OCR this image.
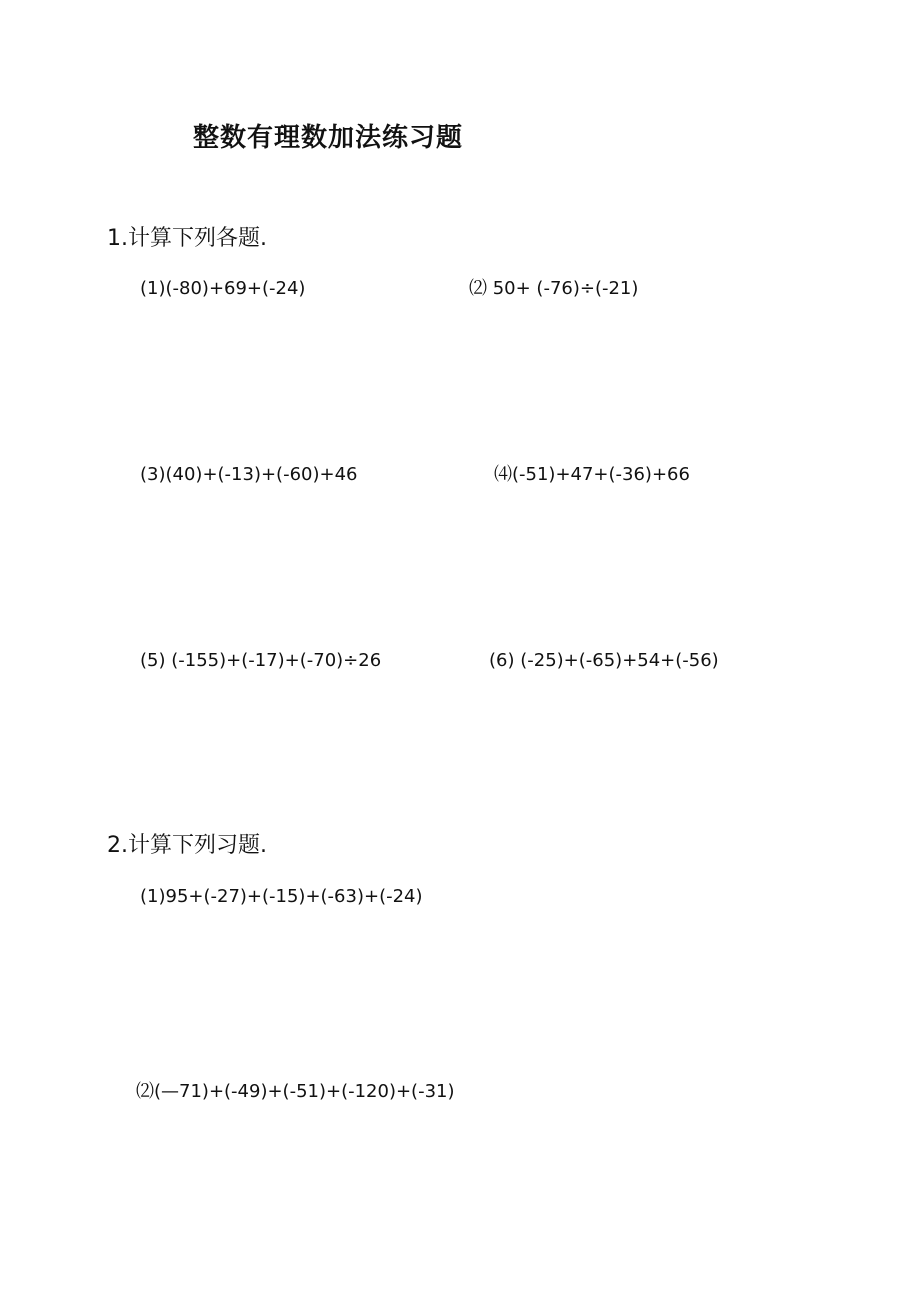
整数有理数加法练习题
1.计算下列各题.
(1)(-80)+69+(-24)	⑵ 50+ (-76)÷(-21)
(3)(40)+(-13)+(-60)+46	⑷(-51)+47+(-36)+66
(5) (-155)+(-17)+(-70)÷26	(6) (-25)+(-65)+54+(-56)
2.计算下列习题.
(1)95+(-27)+(-15)+(-63)+(-24)
⑵(—71)+(-49)+(-51)+(-120)+(-31)
